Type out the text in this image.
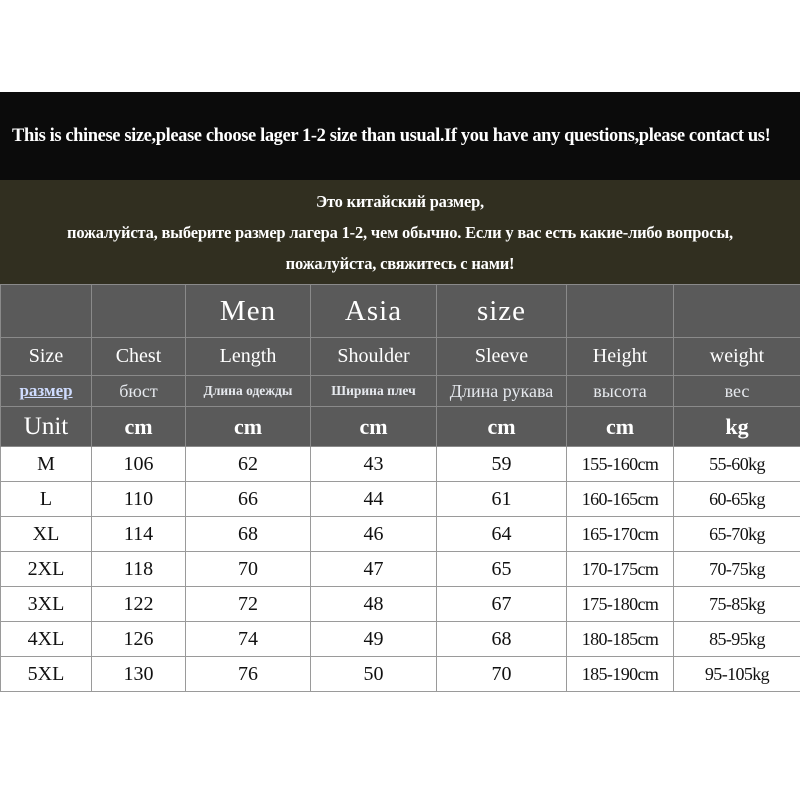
This is chinese size,please choose lager 1-2 size than usual.If you have any questions,please contact us!
Это китайский размер,
пожалуйста, выберите размер лагера 1-2, чем обычно. Если у вас есть какие-либо вопросы,
пожалуйста, свяжитесь с нами!
		Men	Asia	size		
Size	Chest	Length	Shoulder	Sleeve	Height	weight
размер	бюст	Длина одежды	Ширина плеч	Длина рукава	высота	вес
Unit	cm	cm	cm	cm	cm	kg
M	106	62	43	59	155-160cm	55-60kg
L	110	66	44	61	160-165cm	60-65kg
XL	114	68	46	64	165-170cm	65-70kg
2XL	118	70	47	65	170-175cm	70-75kg
3XL	122	72	48	67	175-180cm	75-85kg
4XL	126	74	49	68	180-185cm	85-95kg
5XL	130	76	50	70	185-190cm	95-105kg
